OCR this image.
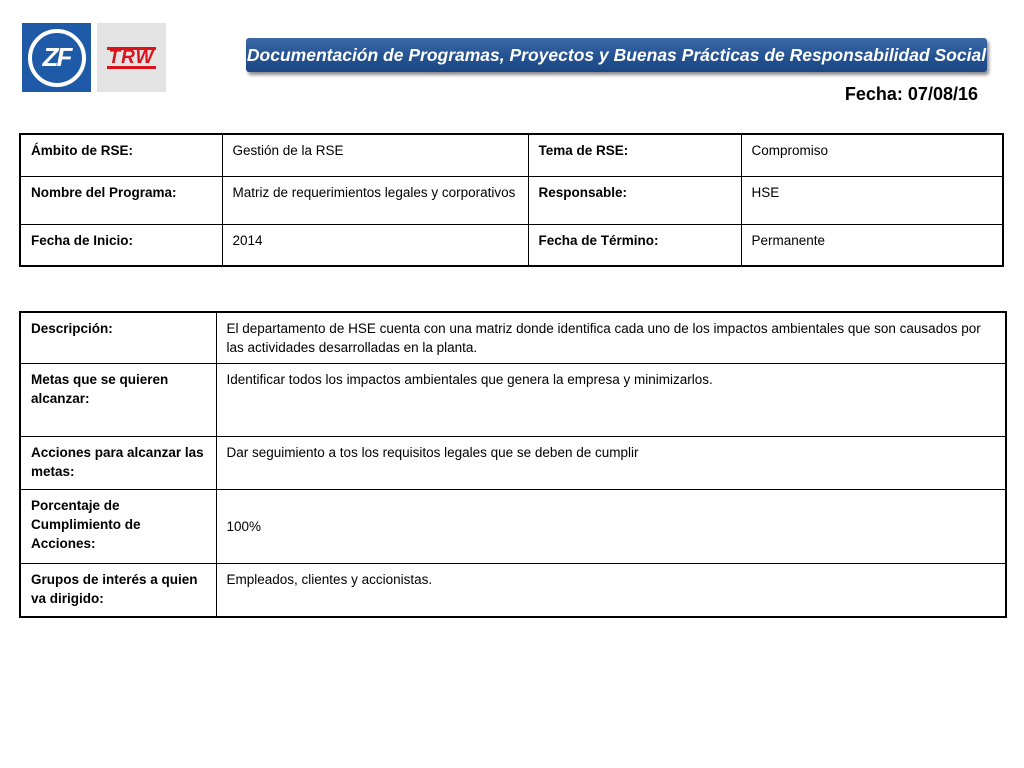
ZF	TRW	Documentación de Programas, Proyectos y Buenas Prácticas de Responsabilidad Social
Fecha: 07/08/16
Ámbito de RSE:	Gestión de la RSE	Tema de RSE:	Compromiso
Nombre del Programa:	Matriz de requerimientos legales y corporativos	Responsable:	HSE
Fecha de Inicio:	2014	Fecha de Término:	Permanente
Descripción:	El departamento de HSE cuenta con una matriz donde identifica cada uno de los impactos ambientales que son causados por las actividades desarrolladas en la planta.
Metas que se quieren alcanzar:	Identificar todos los impactos ambientales que genera la empresa y minimizarlos.
Acciones para alcanzar las metas:	Dar seguimiento a tos los requisitos legales que se deben de cumplir
Porcentaje de Cumplimiento de Acciones:	100%
Grupos de interés a quien va dirigido:	Empleados, clientes y accionistas.
